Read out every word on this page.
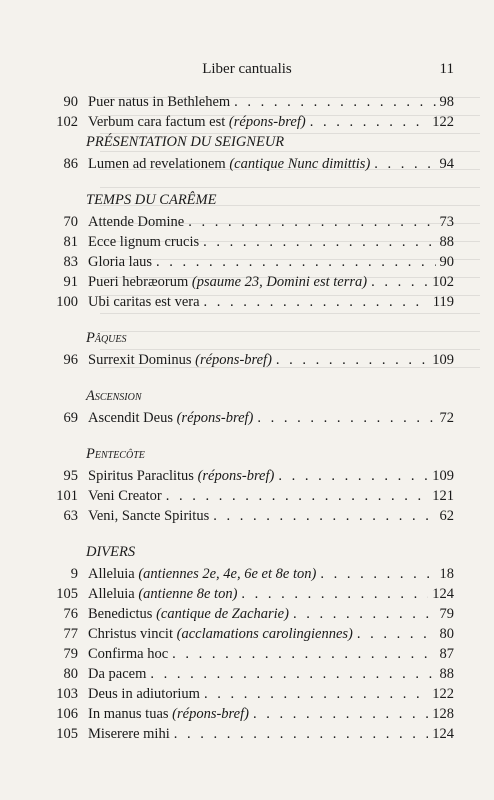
Liber cantualis	11
90 Puer natus in Bethlehem . . .	98
102 Verbum cara factum est (répons-bref) . . .	122
PRÉSENTATION DU SEIGNEUR
86 Lumen ad revelationem (cantique Nunc dimittis) . . .	94
TEMPS DU CARÊME
70 Attende Domine . . .	73
81 Ecce lignum crucis . . .	88
83 Gloria laus . . .	90
91 Pueri hebræorum (psaume 23, Domini est terra) . . .	102
100 Ubi caritas est vera . . .	119
Pâques
96 Surrexit Dominus (répons-bref) . . .	109
Ascension
69 Ascendit Deus (répons-bref) . . .	72
Pentecôte
95 Spiritus Paraclitus (répons-bref) . . .	109
101 Veni Creator . . .	121
63 Veni, Sancte Spiritus . . .	62
DIVERS
9 Alleluia (antiennes 2e, 4e, 6e et 8e ton) . . .	18
105 Alleluia (antienne 8e ton) . . .	124
76 Benedictus (cantique de Zacharie) . . .	79
77 Christus vincit (acclamations carolingiennes) . . .	80
79 Confirma hoc . . .	87
80 Da pacem . . .	88
103 Deus in adiutorium . . .	122
106 In manus tuas (répons-bref) . . .	128
105 Miserere mihi . . .	124
